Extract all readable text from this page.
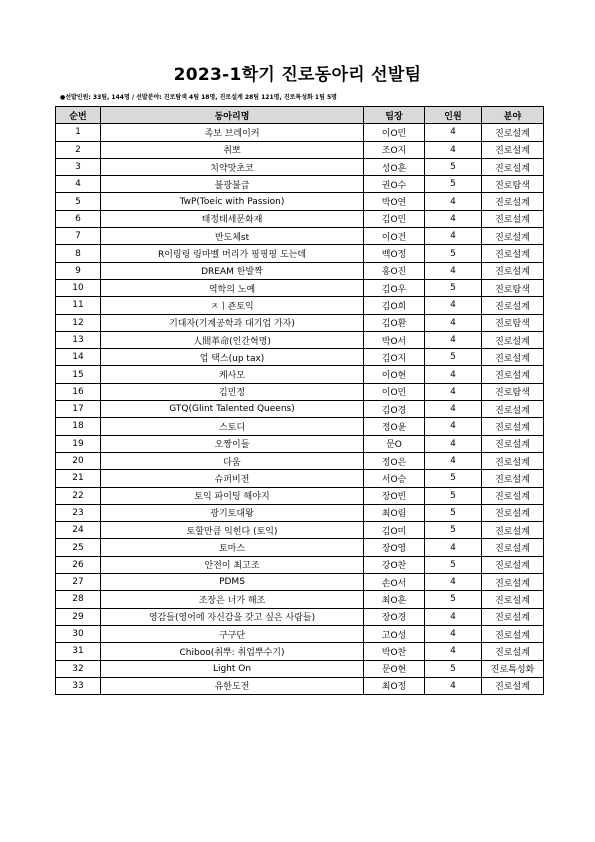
2023-1학기 진로동아리 선발팀
●선발인원: 33팀, 144명 / 선발분야: 진로탐색 4팀 18명, 진로설계 28팀 121명, 진로특성화 1팀 5명
순번	동아리명	팀장	인원	분야
1	족보 브레이커	이O민	4	진로설계
2	취뽀	조O지	4	진로설계
3	치약맛초코	성O훈	5	진로설계
4	불광불급	권O수	5	진로탐색
5	TwP(Toeic with Passion)	박O연	4	진로설계
6	태정태세문화재	김O민	4	진로설계
7	반도체st	이O건	4	진로설계
8	R이링링 링마벨 머리가 핑핑핑 도는데	백O정	5	진로설계
9	DREAM 한발짝	홍O진	4	진로설계
10	역학의 노예	김O우	5	진로탐색
11	ㅈㅣ죤토익	김O희	4	진로설계
12	기대자(기계공학과 대기업 가자)	김O환	4	진로탐색
13	人間革命(인간혁명)	박O서	4	진로설계
14	업 택스(up tax)	김O지	5	진로설계
15	케사모	이O현	4	진로설계
16	김민정	이O민	4	진로탐색
17	GTQ(Glint Talented Queens)	김O경	4	진로설계
18	스토디	정O윤	4	진로설계
19	오짱이들	문O	4	진로설계
20	다움	정O은	4	진로설계
21	슈퍼비전	서O승	5	진로설계
22	토익 파이팅 해야지	장O빈	5	진로설계
23	광기토대왕	최O림	5	진로설계
24	토할만큼 익힌다 (토익)	김O미	5	진로설계
25	토마스	장O영	4	진로설계
26	안전이 최고조	강O찬	5	진로설계
27	PDMS	손O서	4	진로설계
28	조장은 너가 해조	최O훈	5	진로설계
29	영감들(영어에 자신감을 갖고 싶은 사람들)	장O경	4	진로설계
30	구구단	고O성	4	진로설계
31	Chiboo(취뿌: 취업뿌수기)	박O찬	4	진로설계
32	Light On	문O현	5	진로특성화
33	유한도전	최O정	4	진로설계
